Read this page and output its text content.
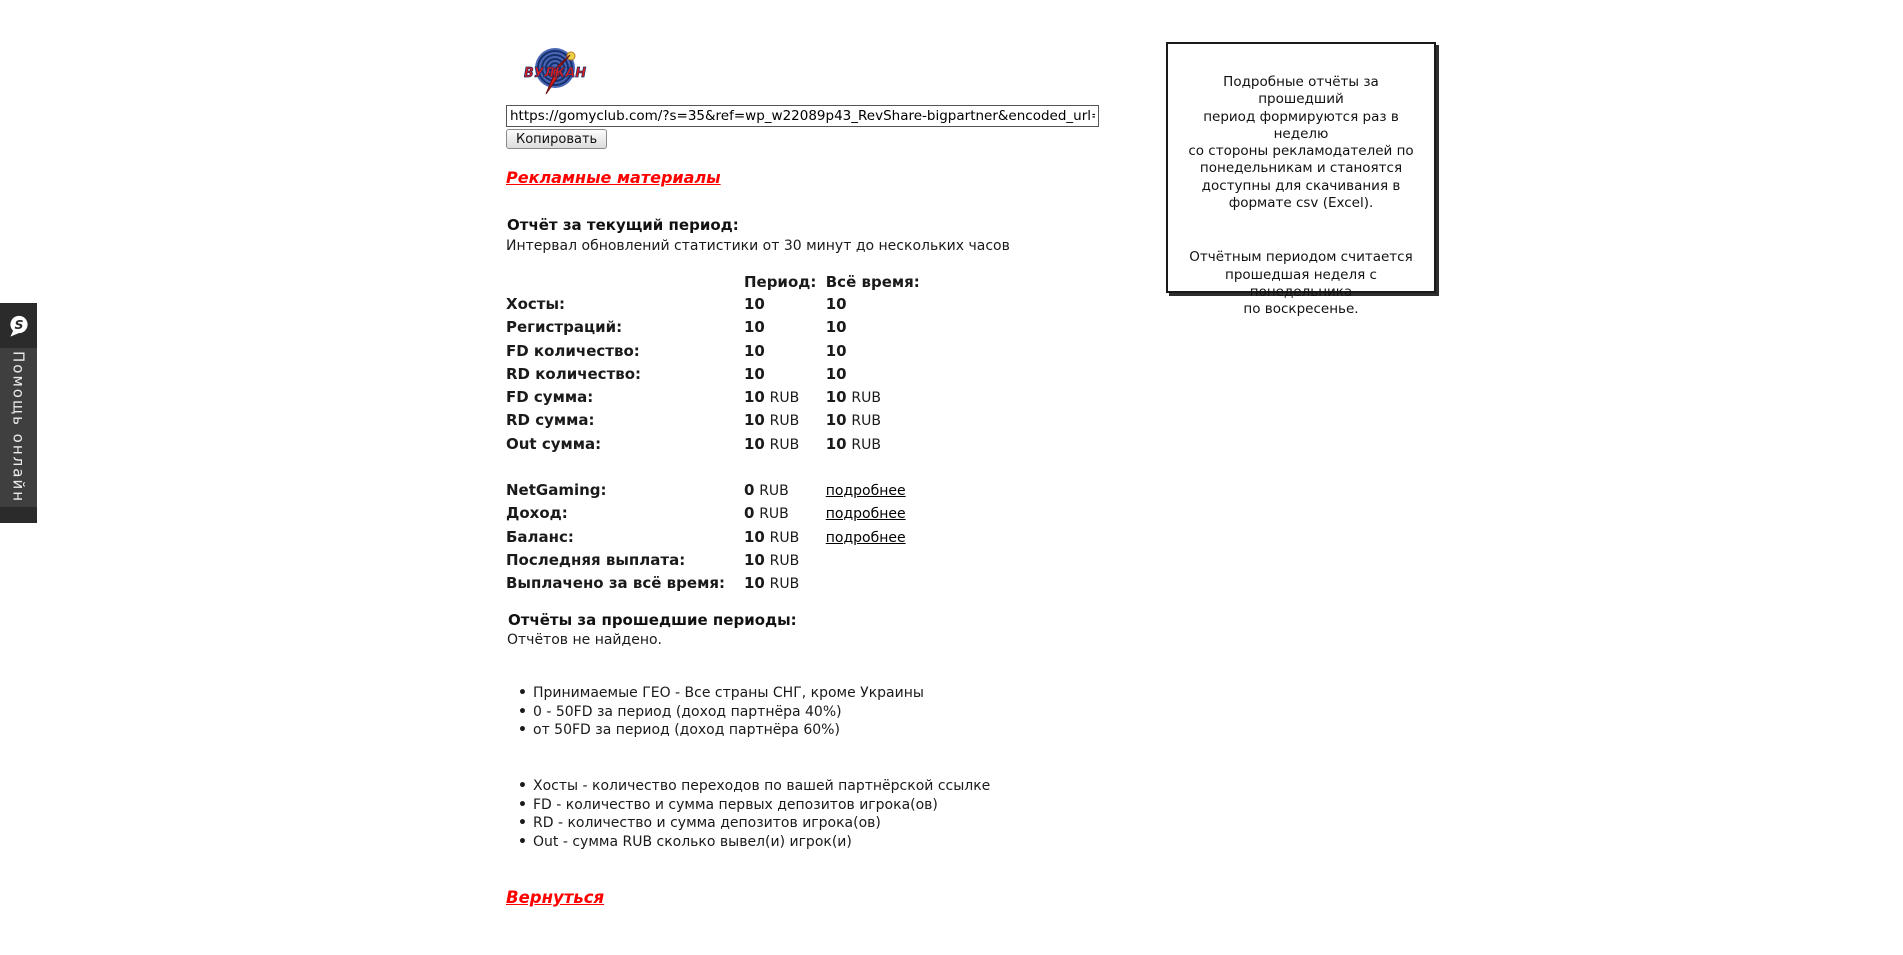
S
Помощь онлайн
ВУЛКАН
https://gomyclub.com/?s=35&ref=wp_w22089p43_RevShare-bigpartner&encoded_url=cmVnaXN
Копировать
Рекламные материалы
Отчёт за текущий период:
Интервал обновлений статистики от 30 минут до нескольких часов
Период: Всё время:
Хосты:	10	10
Регистраций:	10	10
FD количество:	10	10
RD количество:	10	10
FD сумма:	10 RUB	10 RUB
RD сумма:	10 RUB	10 RUB
Out сумма:	10 RUB	10 RUB
NetGaming:	0 RUB	подробнее
Доход:	0 RUB	подробнее
Баланс:	10 RUB	подробнее
Последняя выплата:	10 RUB
Выплачено за всё время:	10 RUB
Отчёты за прошедшие периоды:
Отчётов не найдено.
• Принимаемые ГЕО - Все страны СНГ, кроме Украины
• 0 - 50FD за период (доход партнёра 40%)
• от 50FD за период (доход партнёра 60%)
• Хосты - количество переходов по вашей партнёрской ссылке
• FD - количество и сумма первых депозитов игрока(ов)
• RD - количество и сумма депозитов игрока(ов)
• Out - сумма RUB сколько вывел(и) игрок(и)
Вернуться
Подробные отчёты за прошедший
период формируются раз в неделю
со стороны рекламодателей по
понедельникам и станоятся
доступны для скачивания в
формате csv (Excel).
Отчётным периодом считается
прошедшая неделя с понедельника
по воскресенье.
